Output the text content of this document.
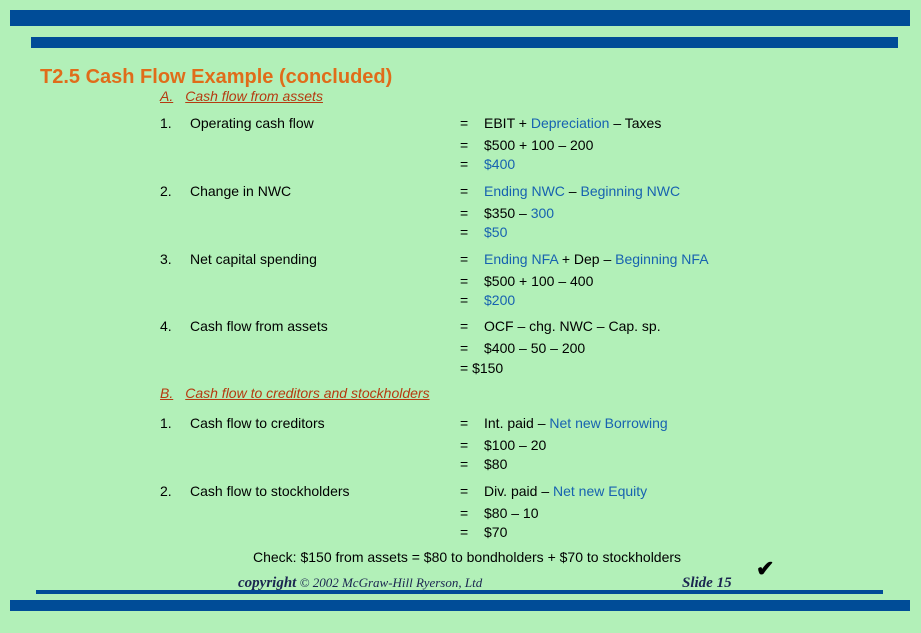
T2.5 Cash Flow Example (concluded)
A. Cash flow from assets
1. Operating cash flow	= EBIT + Depreciation – Taxes
= $500 + 100 – 200
= $400
2. Change in NWC	= Ending NWC – Beginning NWC
= $350 – 300
= $50
3. Net capital spending	= Ending NFA + Dep – Beginning NFA
= $500 + 100 – 400
= $200
4. Cash flow from assets	= OCF – chg. NWC – Cap. sp.
= $400 – 50 – 200
= $150
B. Cash flow to creditors and stockholders
1. Cash flow to creditors	= Int. paid – Net new Borrowing
= $100 – 20
= $80
2. Cash flow to stockholders	= Div. paid – Net new Equity
= $80 – 10
= $70
Check: $150 from assets = $80 to bondholders + $70 to stockholders	✔
copyright © 2002 McGraw-Hill Ryerson, Ltd	Slide 15
